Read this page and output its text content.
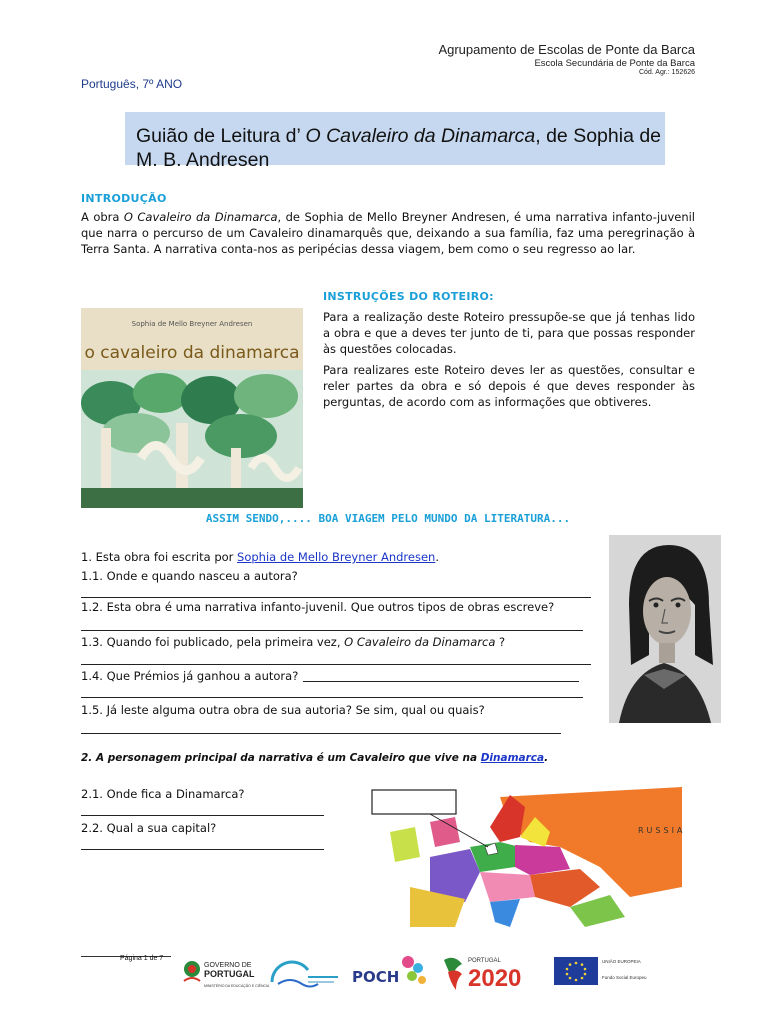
Agrupamento de Escolas de Ponte da Barca
Escola Secundária de Ponte da Barca
Cód. Agr.: 152626
Português, 7º ANO
Guião de Leitura d’ O Cavaleiro da Dinamarca, de Sophia de
M. B. Andresen
INTRODUÇÃO
A obra O Cavaleiro da Dinamarca, de Sophia de Mello Breyner Andresen, é uma narrativa infanto-juvenil que narra o percurso de um Cavaleiro dinamarquês que, deixando a sua família, faz uma peregrinação à Terra Santa. A narrativa conta-nos as peripécias dessa viagem, bem como o seu regresso ao lar.
Sophia de Mello Breyner Andresen
o cavaleiro da dinamarca
INSTRUÇÕES DO ROTEIRO:
Para a realização deste Roteiro pressupõe-se que já tenhas lido a obra e que a deves ter junto de ti, para que possas responder às questões colocadas.
Para realizares este Roteiro deves ler as questões, consultar e reler partes da obra e só depois é que deves responder às perguntas, de acordo com as informações que obtiveres.
ASSIM SENDO,.... BOA VIAGEM PELO MUNDO DA LITERATURA...
1. Esta obra foi escrita por Sophia de Mello Breyner Andresen.
1.1. Onde e quando nasceu a autora?
1.2. Esta obra é uma narrativa infanto-juvenil. Que outros tipos de obras escreve?
1.3. Quando foi publicado, pela primeira vez, O Cavaleiro da Dinamarca ?
1.4. Que Prémios já ganhou a autora?
1.5. Já leste alguma outra obra de sua autoria? Se sim, qual ou quais?
2. A personagem principal da narrativa é um Cavaleiro que vive na Dinamarca.
2.1. Onde fica a Dinamarca?
2.2. Qual a sua capital?	RUSSIA
Página 1 de 7
GOVERNO DE
PORTUGAL
MINISTÉRIO DA EDUCAÇÃO E CIÊNCIA	POCH
PORTUGAL
2020
UNIÃO EUROPEIA
Fundo Social Europeu
